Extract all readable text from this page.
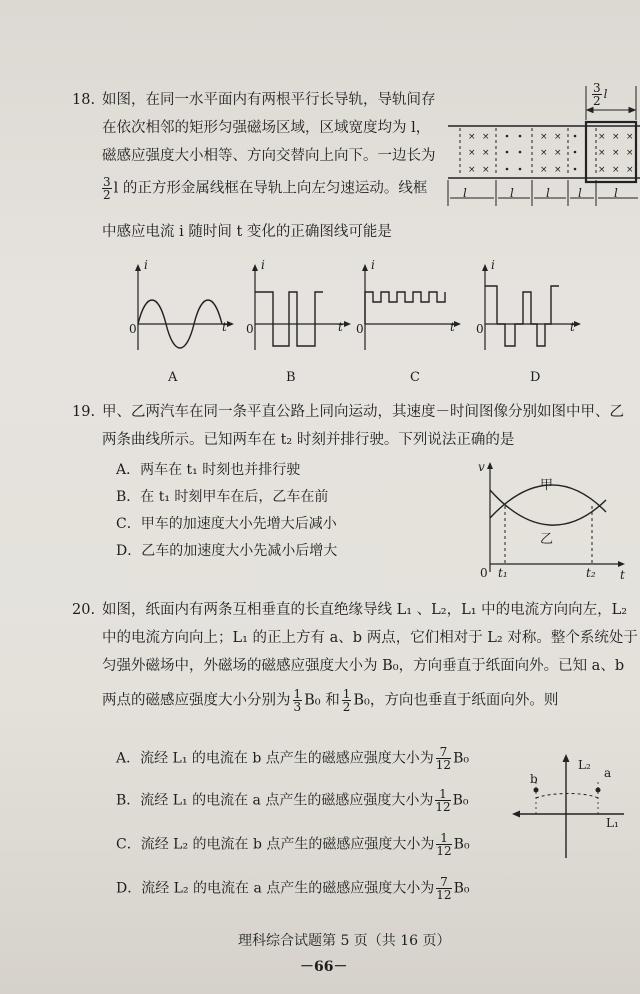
18. 如图，在同一水平面内有两根平行长导轨，导轨间存
在依次相邻的矩形匀强磁场区域，区域宽度均为 l，
磁感应强度大小相等、方向交替向上向下。一边长为
$\frac{3}{2}$ l 的正方形金属线框在导轨上向左匀速运动。线框
中感应电流 i 随时间 t 变化的正确图线可能是
× ×
× ×
× ×
× ×
× ×
× ×
× × ×
× × ×
× × ×
$\frac{3}{2}$ l
l	l	l l	l
i
t
0
A
i
t
0
B
i
t
0
C
i
t
0
D
19. 甲、乙两汽车在同一条平直公路上同向运动，其速度－时间图像分别如图中甲、乙
两条曲线所示。已知两车在 t₂ 时刻并排行驶。下列说法正确的是
A．两车在 t₁ 时刻也并排行驶
B．在 t₁ 时刻甲车在后，乙车在前
C．甲车的加速度大小先增大后减小
D．乙车的加速度大小先减小后增大
v
t
0
甲
乙
t₁	t₂
20. 如图，纸面内有两条互相垂直的长直绝缘导线 L₁ 、L₂，L₁ 中的电流方向向左，L₂
中的电流方向向上；L₁ 的正上方有 a、b 两点，它们相对于 L₂ 对称。整个系统处于
匀强外磁场中，外磁场的磁感应强度大小为 B₀，方向垂直于纸面向外。已知 a、b
两点的磁感应强度大小分别为 $\frac{1}{3} B_0$ 和 $\frac{1}{2} B_0$，方向也垂直于纸面向外。则
A．流经 L₁ 的电流在 b 点产生的磁感应强度大小为 $\frac{7}{12} B_0$
B．流经 L₁ 的电流在 a 点产生的磁感应强度大小为 $\frac{1}{12} B_0$
C．流经 L₂ 的电流在 b 点产生的磁感应强度大小为 $\frac{1}{12} B_0$
D．流经 L₂ 的电流在 a 点产生的磁感应强度大小为 $\frac{7}{12} B_0$
b	a
L₂
L₁
理科综合试题第 5 页（共 16 页）
－66－
